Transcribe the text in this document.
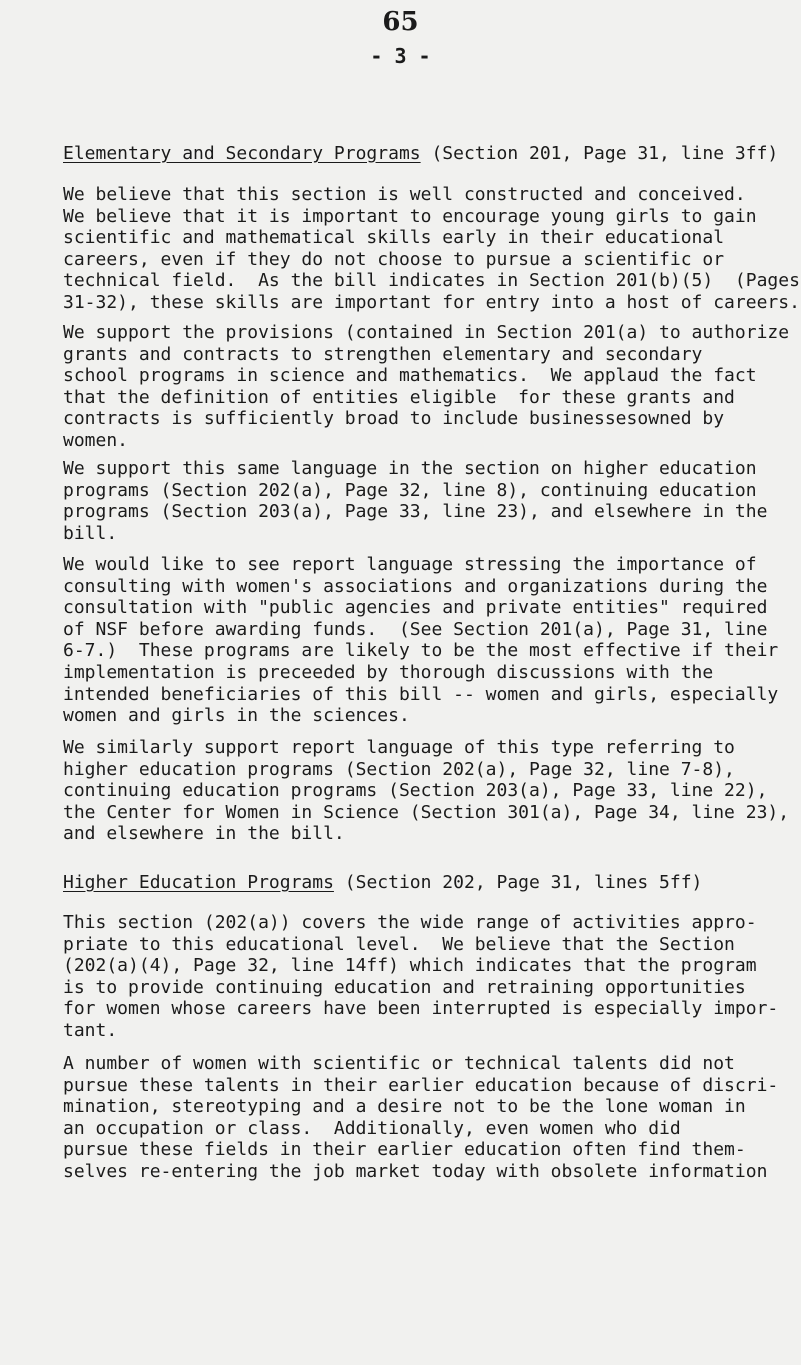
65
- 3 -
Elementary and Secondary Programs (Section 201, Page 31, line 3ff)
We believe that this section is well constructed and conceived.
We believe that it is important to encourage young girls to gain
scientific and mathematical skills early in their educational
careers, even if they do not choose to pursue a scientific or
technical field.  As the bill indicates in Section 201(b)(5)  (Pages
31-32), these skills are important for entry into a host of careers.
We support the provisions (contained in Section 201(a) to authorize
grants and contracts to strengthen elementary and secondary
school programs in science and mathematics.  We applaud the fact
that the definition of entities eligible  for these grants and
contracts is sufficiently broad to include businessesowned by
women.
We support this same language in the section on higher education
programs (Section 202(a), Page 32, line 8), continuing education
programs (Section 203(a), Page 33, line 23), and elsewhere in the
bill.
We would like to see report language stressing the importance of
consulting with women's associations and organizations during the
consultation with "public agencies and private entities" required
of NSF before awarding funds.  (See Section 201(a), Page 31, line
6-7.)  These programs are likely to be the most effective if their
implementation is preceeded by thorough discussions with the
intended beneficiaries of this bill -- women and girls, especially
women and girls in the sciences.
We similarly support report language of this type referring to
higher education programs (Section 202(a), Page 32, line 7-8),
continuing education programs (Section 203(a), Page 33, line 22),
the Center for Women in Science (Section 301(a), Page 34, line 23),
and elsewhere in the bill.
Higher Education Programs (Section 202, Page 31, lines 5ff)
This section (202(a)) covers the wide range of activities appro-
priate to this educational level.  We believe that the Section
(202(a)(4), Page 32, line 14ff) which indicates that the program
is to provide continuing education and retraining opportunities
for women whose careers have been interrupted is especially impor-
tant.
A number of women with scientific or technical talents did not
pursue these talents in their earlier education because of discri-
mination, stereotyping and a desire not to be the lone woman in
an occupation or class.  Additionally, even women who did
pursue these fields in their earlier education often find them-
selves re-entering the job market today with obsolete information
